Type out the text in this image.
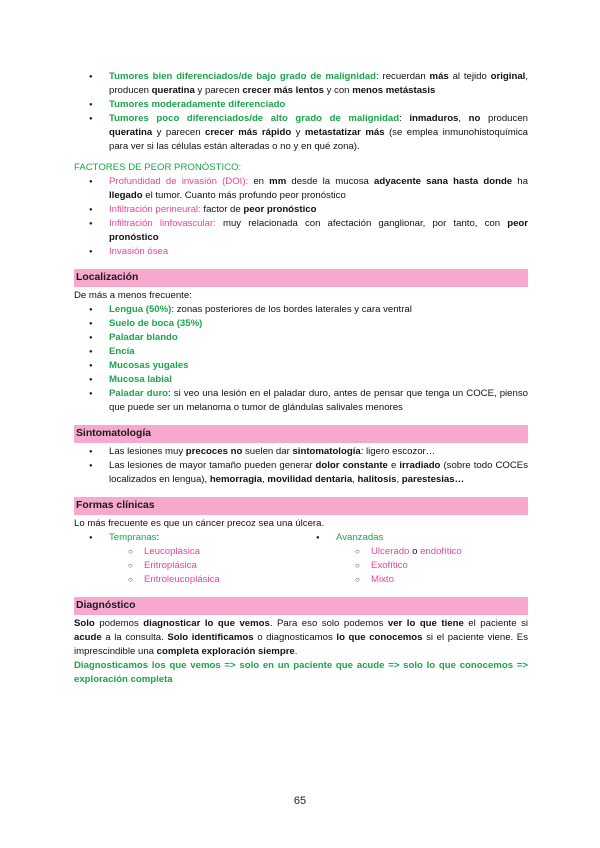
● Tumores bien diferenciados/de bajo grado de malignidad: recuerdan más al tejido original, producen queratina y parecen crecer más lentos y con menos metástasis
● Tumores moderadamente diferenciado
● Tumores poco diferenciados/de alto grado de malignidad: inmaduros, no producen queratina y parecen crecer más rápido y metastatizar más (se emplea inmunohistoquímica para ver si las células están alteradas o no y en qué zona).
FACTORES DE PEOR PRONÓSTICO:
● Profundidad de invasión (DOI): en mm desde la mucosa adyacente sana hasta donde ha llegado el tumor. Cuanto más profundo peor pronóstico
● Infiltración perineural: factor de peor pronóstico
● Infiltración linfovascular: muy relacionada con afectación ganglionar, por tanto, con peor pronóstico
● Invasión ósea
Localización
De más a menos frecuente:
● Lengua (50%): zonas posteriores de los bordes laterales y cara ventral
● Suelo de boca (35%)
● Paladar blando
● Encía
● Mucosas yugales
● Mucosa labial
● Paladar duro: si veo una lesión en el paladar duro, antes de pensar que tenga un COCE, pienso que puede ser un melanoma o tumor de glándulas salivales menores
Sintomatología
● Las lesiones muy precoces no suelen dar sintomatología: ligero escozor…
● Las lesiones de mayor tamaño pueden generar dolor constante e irradiado (sobre todo COCEs localizados en lengua), hemorragia, movilidad dentaria, halitosis, parestesias…
Formas clínicas
Lo más frecuente es que un cáncer precoz sea una úlcera.
● Tempranas:
○ Leucoplásica
○ Eritroplásica
○ Eritroleucoplásica
● Avanzadas
○ Ulcerado o endofítico
○ Exofítico
○ Mixto
Diagnóstico
Solo podemos diagnosticar lo que vemos. Para eso solo podemos ver lo que tiene el paciente si acude a la consulta. Solo identificamos o diagnosticamos lo que conocemos si el paciente viene. Es imprescindible una completa exploración siempre.
Diagnosticamos los que vemos => solo en un paciente que acude => solo lo que conocemos => exploración completa
65
